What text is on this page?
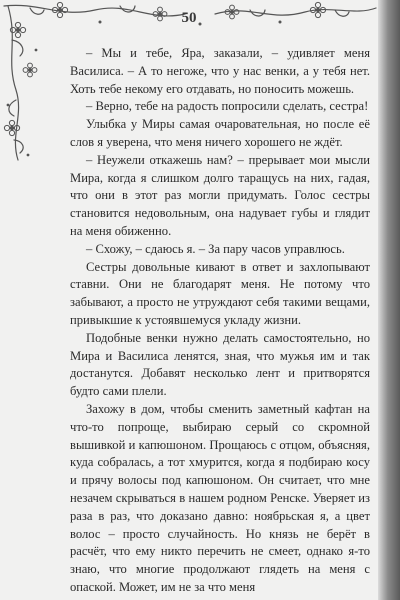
50

– Мы и тебе, Яра, заказали, – удивляет меня Василиса. – А то негоже, что у нас венки, а у тебя нет. Хоть тебе некому его отдавать, но поносить можешь.

– Верно, тебе на радость попросили сделать, сестра!

Улыбка у Миры самая очаровательная, но после её слов я уверена, что меня ничего хорошего не ждёт.

– Неужели откажешь нам? – прерывает мои мысли Мира, когда я слишком долго таращусь на них, гадая, что они в этот раз могли придумать. Голос сестры становится недовольным, она надувает губы и глядит на меня обиженно.

– Схожу, – сдаюсь я. – За пару часов управлюсь.

Сестры довольные кивают в ответ и захлопывают ставни. Они не благодарят меня. Не потому что забывают, а просто не утруждают себя такими вещами, привыкшие к устоявшемуся укладу жизни.

Подобные венки нужно делать самостоятельно, но Мира и Василиса ленятся, зная, что мужья им и так достанутся. Добавят несколько лент и притворятся будто сами плели.

Захожу в дом, чтобы сменить заметный кафтан на что-то попроще, выбираю серый со скромной вышивкой и капюшоном. Прощаюсь с отцом, объясняя, куда собралась, а тот хмурится, когда я подбираю косу и прячу волосы под капюшоном. Он считает, что мне незачем скрываться в нашем родном Ренске. Уверяет из раза в раз, что доказано давно: ноябрьская я, а цвет волос – просто случайность. Но князь не берёт в расчёт, что ему никто перечить не смеет, однако я-то знаю, что многие продолжают глядеть на меня с опаской. Может, им не за что меня
